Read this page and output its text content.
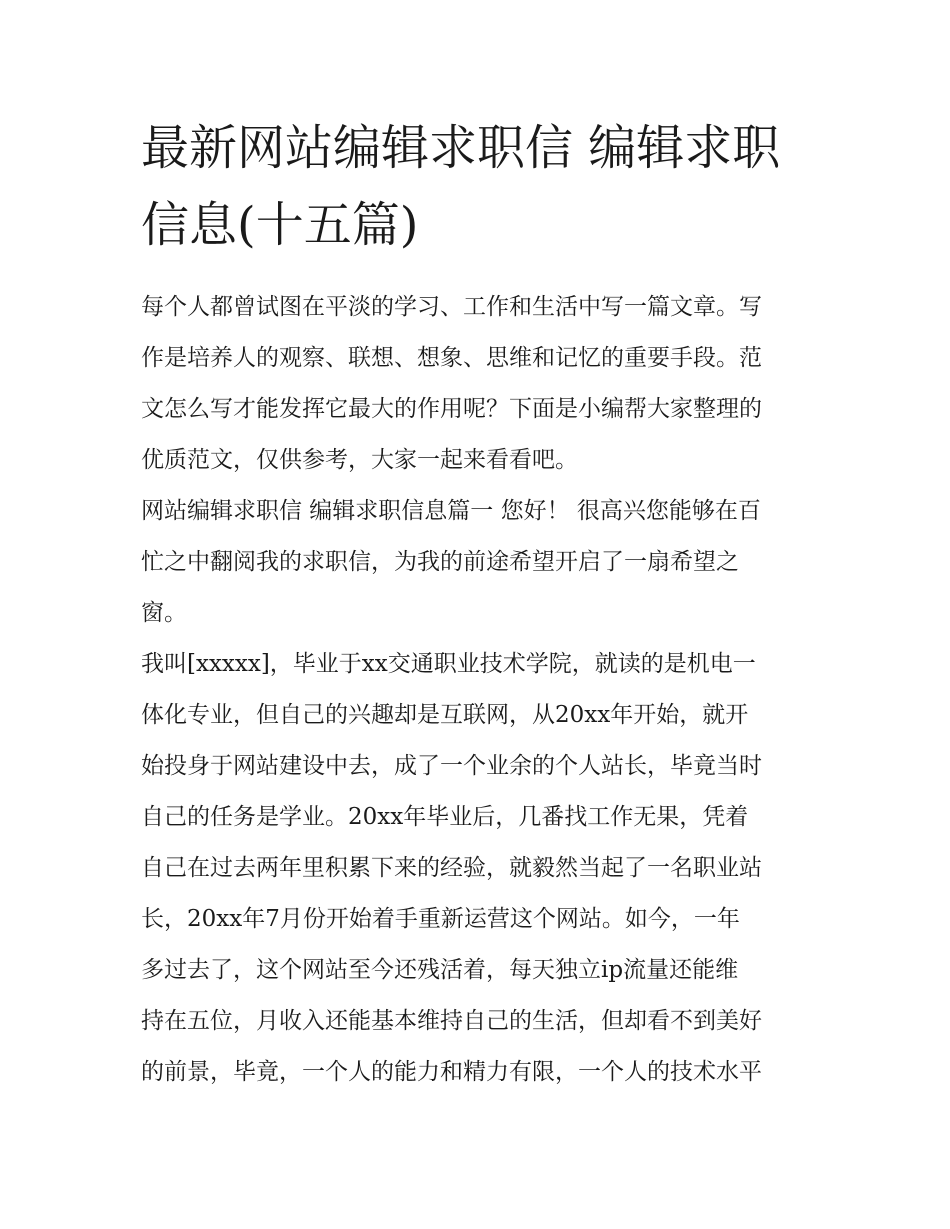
最新网站编辑求职信 编辑求职
信息(十五篇)
每个人都曾试图在平淡的学习、工作和生活中写一篇文章。写
作是培养人的观察、联想、想象、思维和记忆的重要手段。范
文怎么写才能发挥它最大的作用呢？下面是小编帮大家整理的
优质范文，仅供参考，大家一起来看看吧。
网站编辑求职信 编辑求职信息篇一 您好！ 很高兴您能够在百
忙之中翻阅我的求职信，为我的前途希望开启了一扇希望之
窗。
我叫[xxxxx]，毕业于xx交通职业技术学院，就读的是机电一
体化专业，但自己的兴趣却是互联网，从20xx年开始，就开
始投身于网站建设中去，成了一个业余的个人站长，毕竟当时
自己的任务是学业。20xx年毕业后，几番找工作无果，凭着
自己在过去两年里积累下来的经验，就毅然当起了一名职业站
长，20xx年7月份开始着手重新运营这个网站。如今，一年
多过去了，这个网站至今还残活着，每天独立ip流量还能维
持在五位，月收入还能基本维持自己的生活，但却看不到美好
的前景，毕竟，一个人的能力和精力有限，一个人的技术水平
